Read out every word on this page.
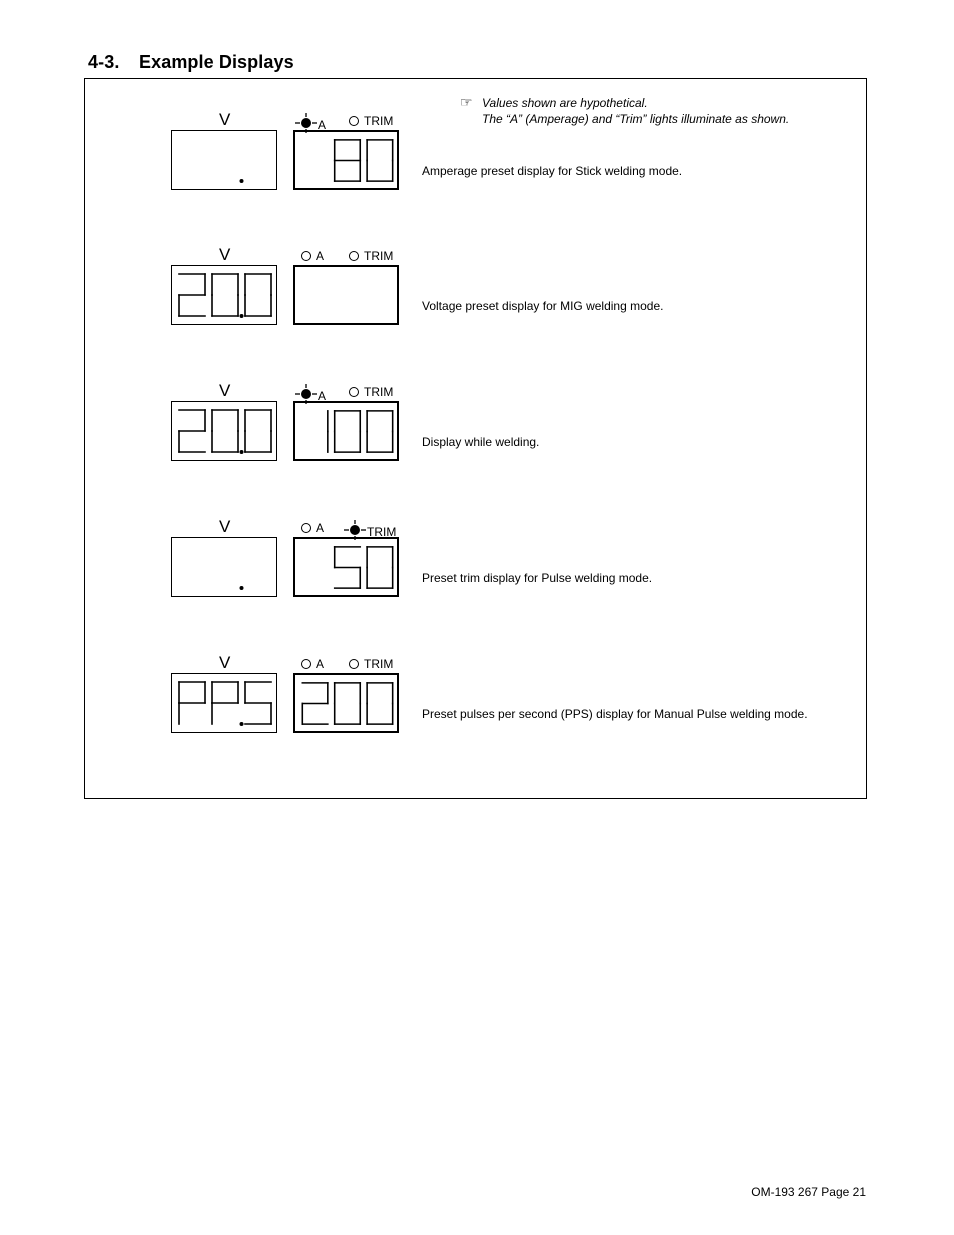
4-3. Example Displays
☞ Values shown are hypothetical.
The “A” (Amperage) and “Trim” lights illuminate as shown.
V	A	TRIM
Amperage preset display for Stick welding mode.
V	A	TRIM
Voltage preset display for MIG welding mode.
V	A	TRIM
Display while welding.
V	A	TRIM
Preset trim display for Pulse welding mode.
V	A	TRIM
Preset pulses per second (PPS) display for Manual Pulse welding mode.
OM-193 267 Page 21
